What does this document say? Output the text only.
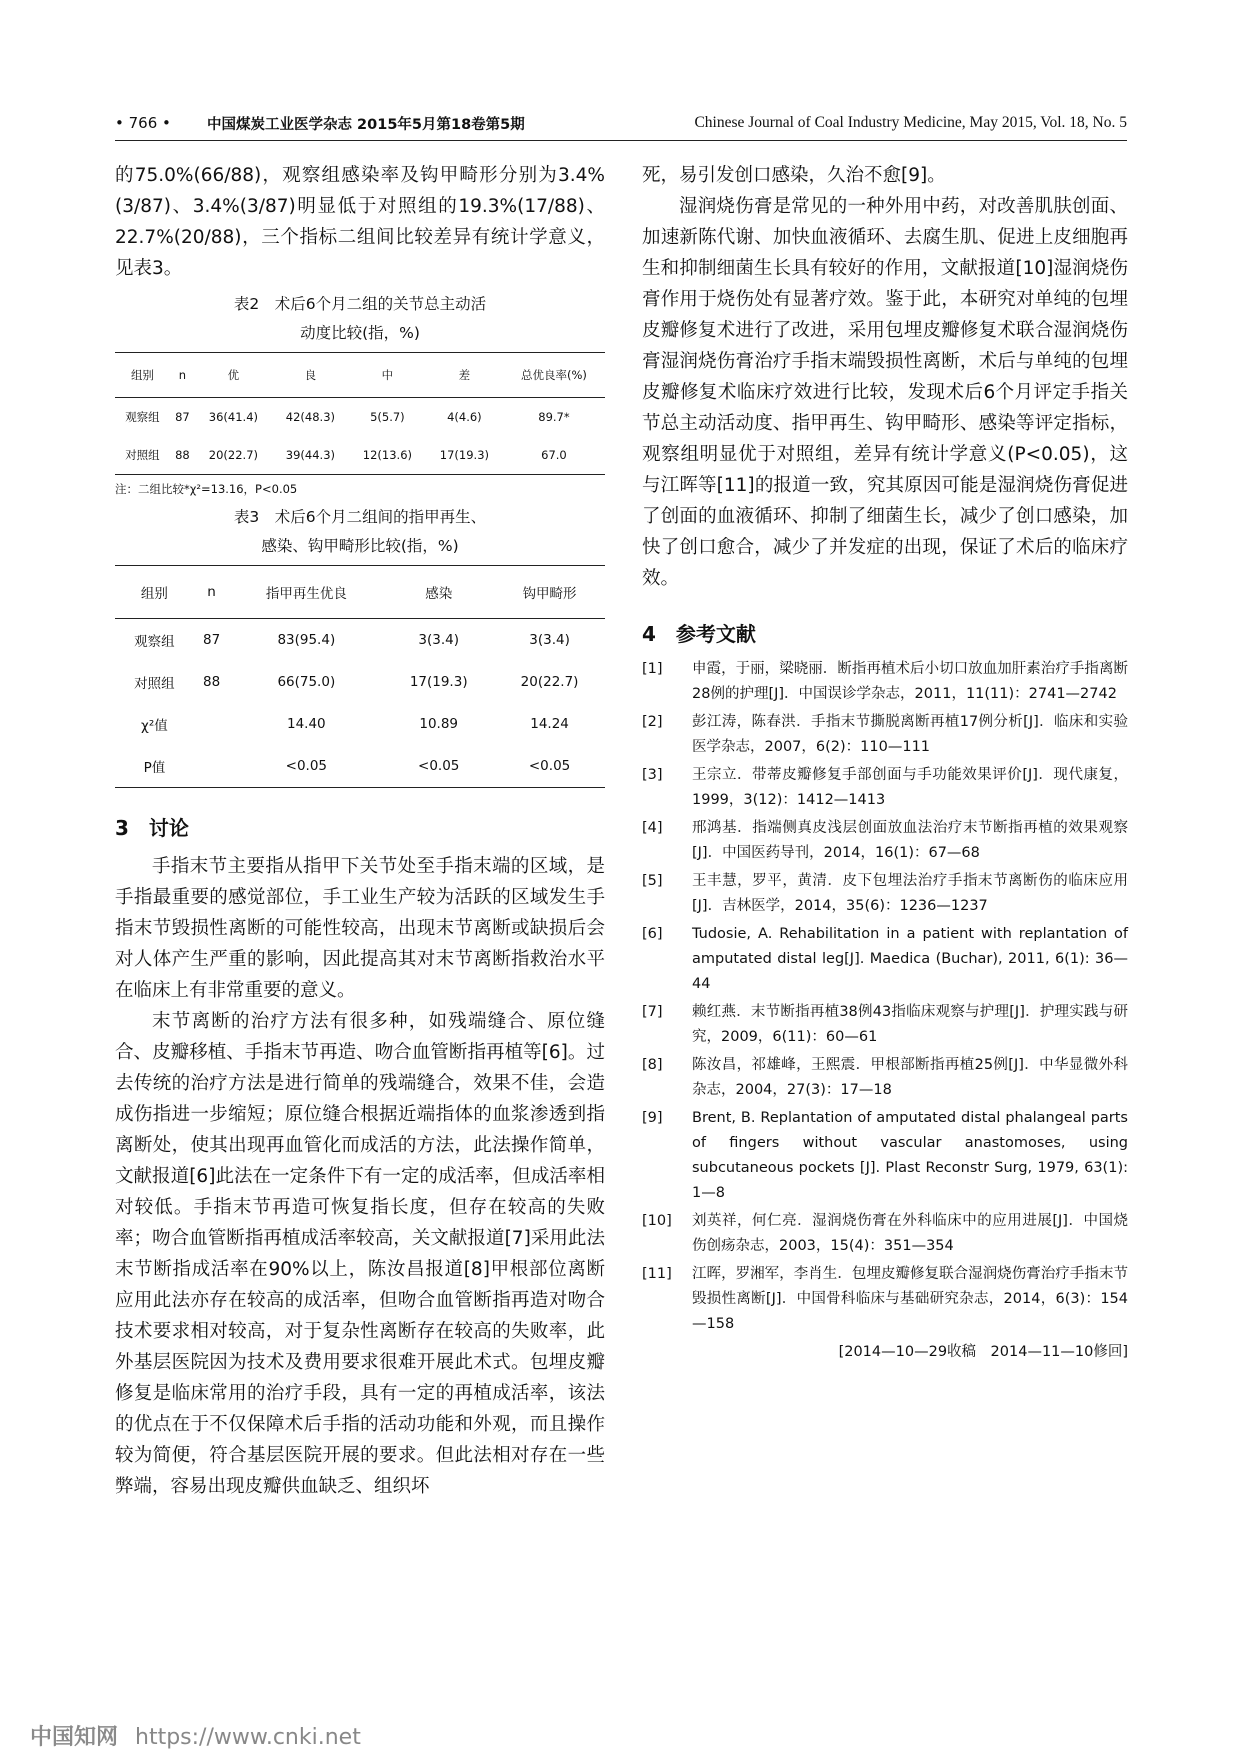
• 766 •	中国煤炭工业医学杂志 2015年5月第18卷第5期	Chinese Journal of Coal Industry Medicine, May 2015, Vol. 18, No. 5

的75.0%(66/88)，观察组感染率及钩甲畸形分别为3.4%(3/87)、3.4%(3/87)明显低于对照组的19.3%(17/88)、22.7%(20/88)，三个指标二组间比较差异有统计学意义，见表3。

表2　术后6个月二组的关节总主动活
动度比较(指，%)
组别	n	优	良	中	差	总优良率(%)
观察组	87	36(41.4)	42(48.3)	5(5.7)	4(4.6)	89.7*
对照组	88	20(22.7)	39(44.3)	12(13.6)	17(19.3)	67.0
注：二组比较*χ²=13.16，P<0.05
表3　术后6个月二组间的指甲再生、
感染、钩甲畸形比较(指，%)
组别	n	指甲再生优良	感染	钩甲畸形
观察组	87	83(95.4)	3(3.4)	3(3.4)
对照组	88	66(75.0)	17(19.3)	20(22.7)
χ²值		14.40	10.89	14.24
P值		<0.05	<0.05	<0.05
3　讨论

手指末节主要指从指甲下关节处至手指末端的区域，是手指最重要的感觉部位，手工业生产较为活跃的区域发生手指末节毁损性离断的可能性较高，出现末节离断或缺损后会对人体产生严重的影响，因此提高其对末节离断指救治水平在临床上有非常重要的意义。

末节离断的治疗方法有很多种，如残端缝合、原位缝合、皮瓣移植、手指末节再造、吻合血管断指再植等[6]。过去传统的治疗方法是进行简单的残端缝合，效果不佳，会造成伤指进一步缩短；原位缝合根据近端指体的血浆渗透到指离断处，使其出现再血管化而成活的方法，此法操作简单，文献报道[6]此法在一定条件下有一定的成活率，但成活率相对较低。手指末节再造可恢复指长度，但存在较高的失败率；吻合血管断指再植成活率较高，关文献报道[7]采用此法末节断指成活率在90%以上，陈汝昌报道[8]甲根部位离断应用此法亦存在较高的成活率，但吻合血管断指再造对吻合技术要求相对较高，对于复杂性离断存在较高的失败率，此外基层医院因为技术及费用要求很难开展此术式。包埋皮瓣修复是临床常用的治疗手段，具有一定的再植成活率，该法的优点在于不仅保障术后手指的活动功能和外观，而且操作较为简便，符合基层医院开展的要求。但此法相对存在一些弊端，容易出现皮瓣供血缺乏、组织坏

死，易引发创口感染，久治不愈[9]。

湿润烧伤膏是常见的一种外用中药，对改善肌肤创面、加速新陈代谢、加快血液循环、去腐生肌、促进上皮细胞再生和抑制细菌生长具有较好的作用，文献报道[10]湿润烧伤膏作用于烧伤处有显著疗效。鉴于此，本研究对单纯的包埋皮瓣修复术进行了改进，采用包埋皮瓣修复术联合湿润烧伤膏湿润烧伤膏治疗手指末端毁损性离断，术后与单纯的包埋皮瓣修复术临床疗效进行比较，发现术后6个月评定手指关节总主动活动度、指甲再生、钩甲畸形、感染等评定指标，观察组明显优于对照组，差异有统计学意义(P<0.05)，这与江晖等[11]的报道一致，究其原因可能是湿润烧伤膏促进了创面的血液循环、抑制了细菌生长，减少了创口感染，加快了创口愈合，减少了并发症的出现，保证了术后的临床疗效。

4　参考文献
[1]	申霞，于丽，梁晓丽．断指再植术后小切口放血加肝素治疗手指离断28例的护理[J]．中国误诊学杂志，2011，11(11)：2741—2742
[2]	彭江涛，陈春洪．手指末节撕脱离断再植17例分析[J]．临床和实验医学杂志，2007，6(2)：110—111
[3]	王宗立．带蒂皮瓣修复手部创面与手功能效果评价[J]．现代康复，1999，3(12)：1412—1413
[4]	邢鸿基．指端侧真皮浅层创面放血法治疗末节断指再植的效果观察[J]．中国医药导刊，2014，16(1)：67—68
[5]	王丰慧，罗平，黄清．皮下包埋法治疗手指末节离断伤的临床应用[J]．吉林医学，2014，35(6)：1236—1237
[6]	Tudosie, A. Rehabilitation in a patient with replantation of amputated distal leg[J]. Maedica (Buchar), 2011, 6(1): 36—44
[7]	赖红燕．末节断指再植38例43指临床观察与护理[J]．护理实践与研究，2009，6(11)：60—61
[8]	陈汝昌，祁雄峰，王熙震．甲根部断指再植25例[J]．中华显微外科杂志，2004，27(3)：17—18
[9]	Brent, B. Replantation of amputated distal phalangeal parts of fingers without vascular anastomoses, using subcutaneous pockets [J]. Plast Reconstr Surg, 1979, 63(1): 1—8
[10]	刘英祥，何仁亮．湿润烧伤膏在外科临床中的应用进展[J]．中国烧伤创疡杂志，2003，15(4)：351—354
[11]	江晖，罗湘军，李肖生．包埋皮瓣修复联合湿润烧伤膏治疗手指末节毁损性离断[J]．中国骨科临床与基础研究杂志，2014，6(3)：154—158
[2014—10—29收稿　2014—11—10修回]
中国知网 https://www.cnki.net
